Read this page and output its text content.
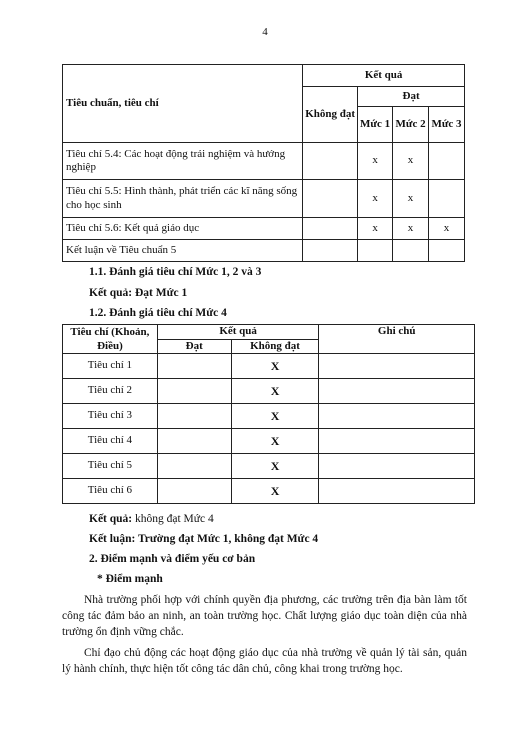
4
Tiêu chuẩn, tiêu chí	Kết quả			
	Không đạt	Đạt		
		Mức 1	Mức 2	Mức 3
Tiêu chí 5.4: Các hoạt động trải nghiệm và hướng nghiệp		x	x	
Tiêu chí 5.5: Hình thành, phát triển các kĩ năng sống cho học sinh		x	x	
Tiêu chí 5.6: Kết quả giáo dục		x	x	x
Kết luận về Tiêu chuẩn 5				
1.1. Đánh giá tiêu chí Mức 1, 2 và 3
Kết quả: Đạt Mức 1
1.2. Đánh giá tiêu chí Mức 4
Tiêu chí (Khoản, Điều)	Kết quả		Ghi chú
	Đạt	Không đạt	
Tiêu chí 1		X	
Tiêu chí 2		X	
Tiêu chí 3		X	
Tiêu chí 4		X	
Tiêu chí 5		X	
Tiêu chí 6		X	
Kết quả: không đạt Mức 4
Kết luận: Trường đạt Mức 1, không đạt Mức 4
2. Điểm mạnh và điểm yếu cơ bản
* Điểm mạnh
Nhà trường phối hợp với chính quyền địa phương, các trường trên địa bàn làm tốt công tác đảm bảo an ninh, an toàn trường học. Chất lượng giáo dục toàn diện của nhà trường ổn định vững chắc.
Chỉ đạo chủ động các hoạt động giáo dục của nhà trường về quản lý tài sản, quản lý hành chính, thực hiện tốt công tác dân chủ, công khai trong trường học.
